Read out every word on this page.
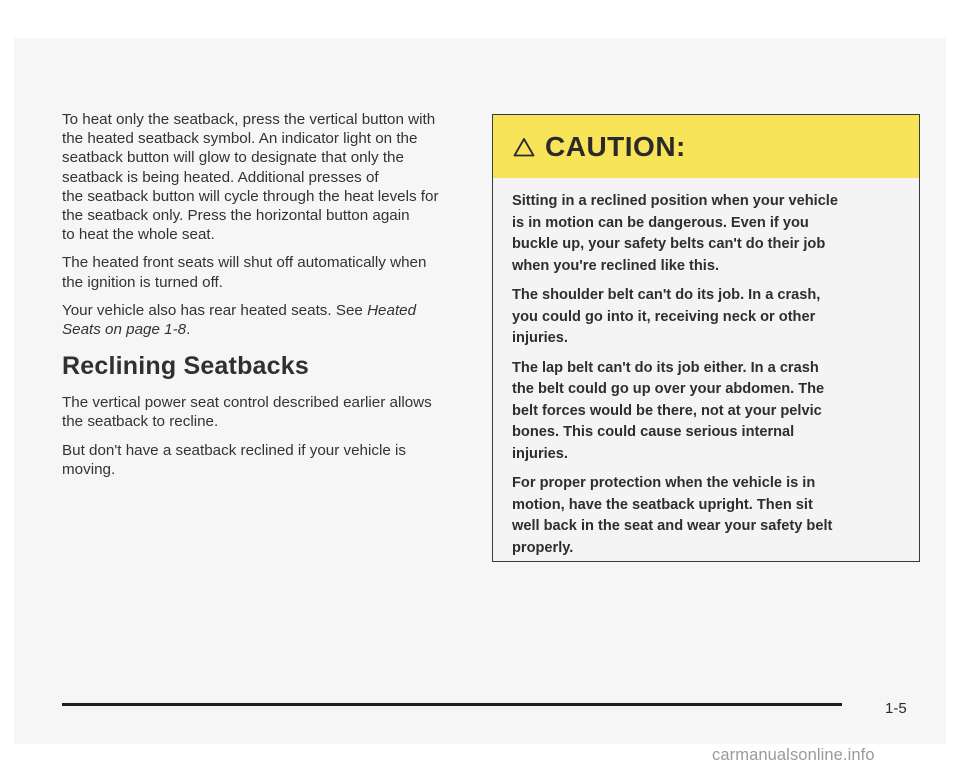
To heat only the seatback, press the vertical button with
the heated seatback symbol. An indicator light on the
seatback button will glow to designate that only the
seatback is being heated. Additional presses of
the seatback button will cycle through the heat levels for
the seatback only. Press the horizontal button again
to heat the whole seat.

The heated front seats will shut off automatically when
the ignition is turned off.

Your vehicle also has rear heated seats. See Heated
Seats on page 1-8.

Reclining Seatbacks

The vertical power seat control described earlier allows
the seatback to recline.

But don't have a seatback reclined if your vehicle is
moving.

CAUTION:

Sitting in a reclined position when your vehicle
is in motion can be dangerous. Even if you
buckle up, your safety belts can't do their job
when you're reclined like this.

The shoulder belt can't do its job. In a crash,
you could go into it, receiving neck or other
injuries.

The lap belt can't do its job either. In a crash
the belt could go up over your abdomen. The
belt forces would be there, not at your pelvic
bones. This could cause serious internal
injuries.

For proper protection when the vehicle is in
motion, have the seatback upright. Then sit
well back in the seat and wear your safety belt
properly.

1-5
carmanualsonline.info
